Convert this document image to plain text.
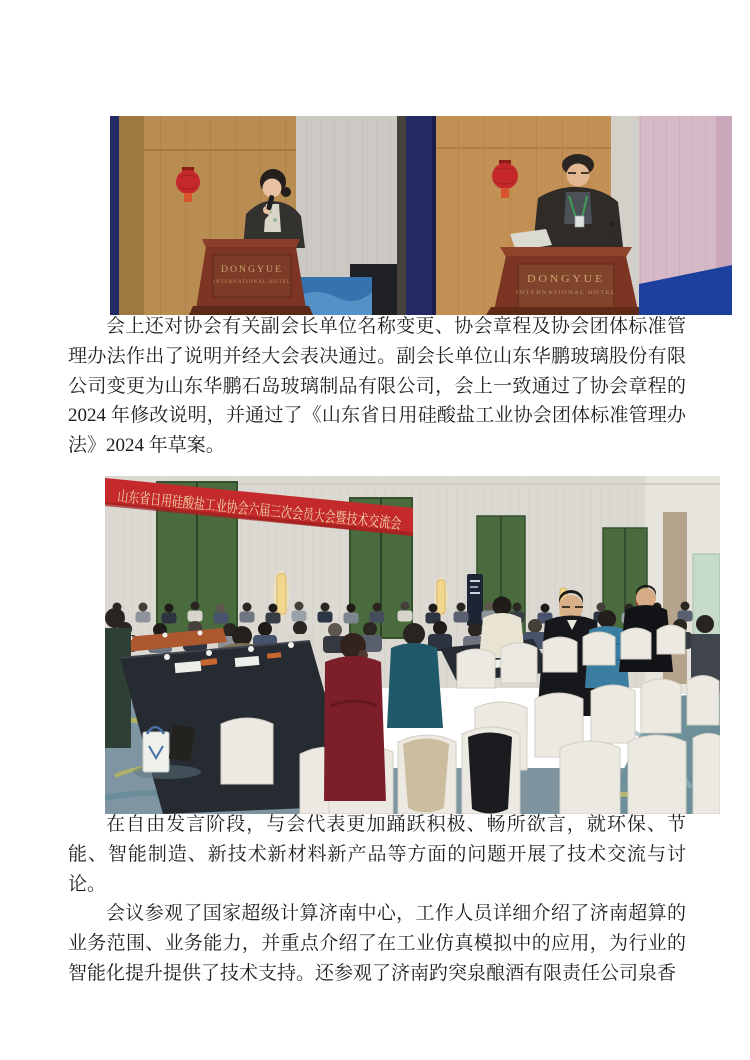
DONGYUE
INTERNATIONAL HOTEL	DONGYUE
INTERNATIONAL HOTEL

会上还对协会有关副会长单位名称变更、协会章程及协会团体标准管理办法作出了说明并经大会表决通过。副会长单位山东华鹏玻璃股份有限公司变更为山东华鹏石岛玻璃制品有限公司，会上一致通过了协会章程的2024 年修改说明，并通过了《山东省日用硅酸盐工业协会团体标准管理办法》2024 年草案。

山东省日用硅酸盐工业协会六届三次会员大会暨技术交流会

在自由发言阶段，与会代表更加踊跃积极、畅所欲言，就环保、节能、智能制造、新技术新材料新产品等方面的问题开展了技术交流与讨论。

会议参观了国家超级计算济南中心，工作人员详细介绍了济南超算的业务范围、业务能力，并重点介绍了在工业仿真模拟中的应用，为行业的智能化提升提供了技术支持。还参观了济南趵突泉酿酒有限责任公司泉香
